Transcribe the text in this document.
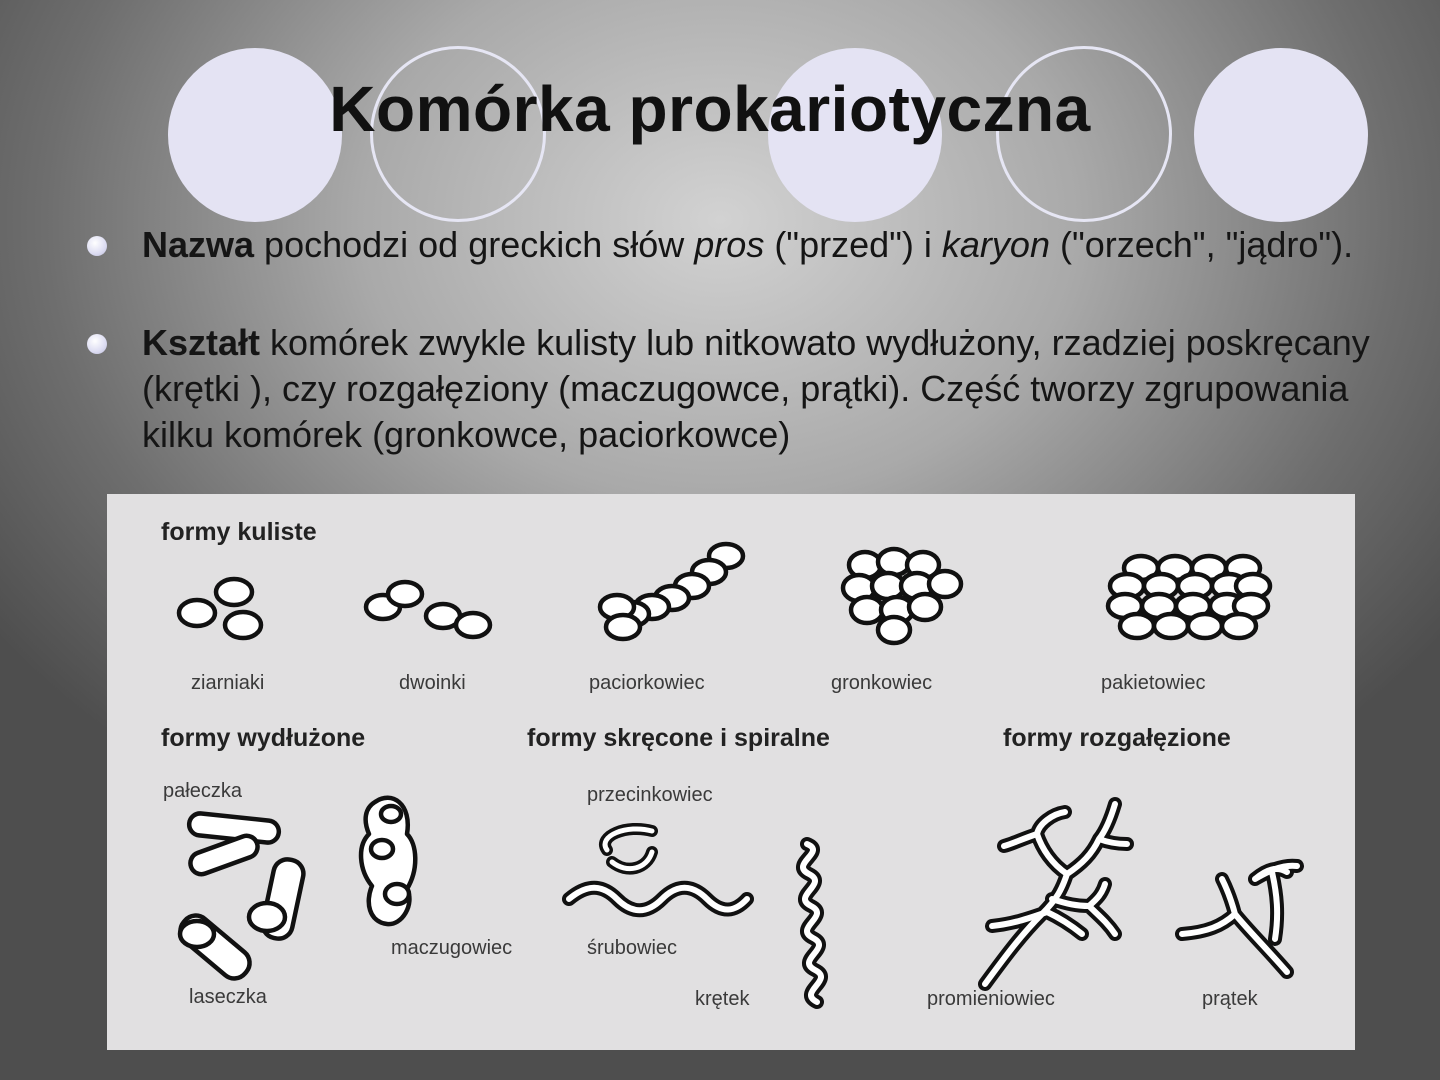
Komórka prokariotyczna
Nazwa pochodzi od greckich słów pros ("przed") i karyon ("orzech", "jądro").
Kształt komórek zwykle kulisty lub nitkowato wydłużony, rzadziej poskręcany (krętki ), czy rozgałęziony (maczugowce, prątki). Część tworzy zgrupowania kilku komórek (gronkowce, paciorkowce)
formy kuliste
formy wydłużone	formy skręcone i spiralne	formy rozgałęzione
ziarniaki	dwoinki	paciorkowiec	gronkowiec	pakietowiec
pałeczka	przecinkowiec
maczugowiec	śrubowiec
laseczka	krętek	promieniowiec	prątek
